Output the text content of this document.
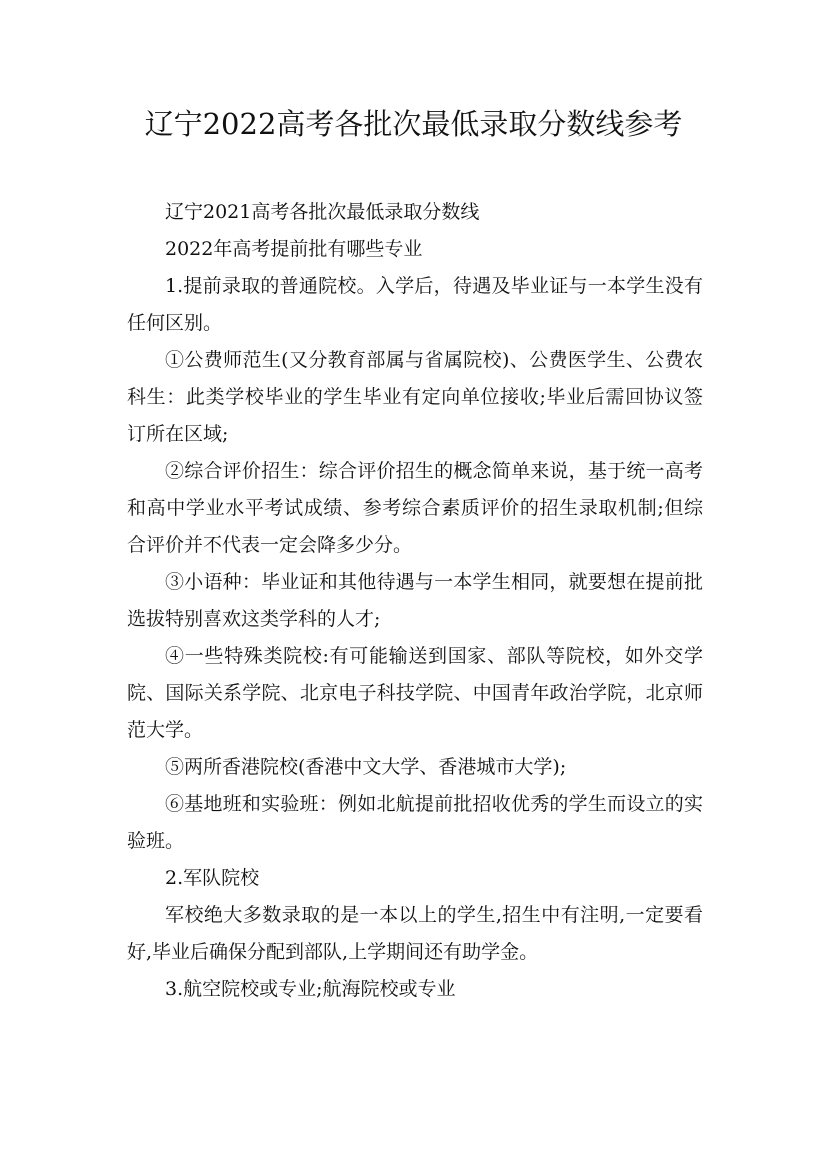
辽宁2022高考各批次最低录取分数线参考

辽宁2021高考各批次最低录取分数线

2022年高考提前批有哪些专业

1.提前录取的普通院校。入学后，待遇及毕业证与一本学生没有任何区别。

①公费师范生(又分教育部属与省属院校)、公费医学生、公费农科生：此类学校毕业的学生毕业有定向单位接收;毕业后需回协议签订所在区域;

②综合评价招生：综合评价招生的概念简单来说，基于统一高考和高中学业水平考试成绩、参考综合素质评价的招生录取机制;但综合评价并不代表一定会降多少分。

③小语种：毕业证和其他待遇与一本学生相同，就要想在提前批选拔特别喜欢这类学科的人才;

④一些特殊类院校:有可能输送到国家、部队等院校，如外交学院、国际关系学院、北京电子科技学院、中国青年政治学院，北京师范大学。

⑤两所香港院校(香港中文大学、香港城市大学);

⑥基地班和实验班：例如北航提前批招收优秀的学生而设立的实验班。

2.军队院校

军校绝大多数录取的是一本以上的学生,招生中有注明,一定要看好,毕业后确保分配到部队,上学期间还有助学金。

3.航空院校或专业;航海院校或专业
